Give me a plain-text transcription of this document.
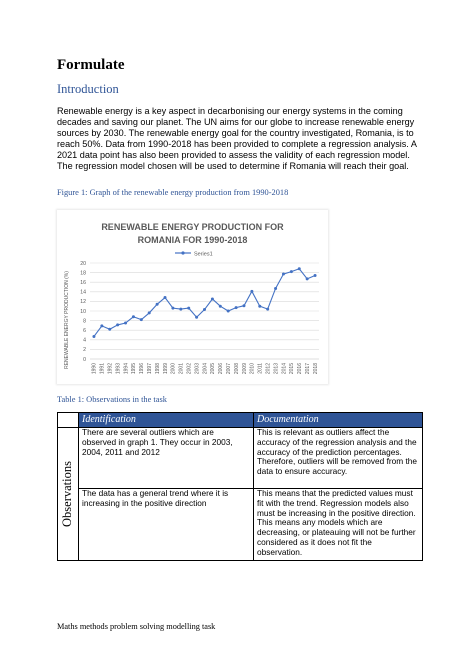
Formulate
Introduction

Renewable energy is a key aspect in decarbonising our energy systems in the coming decades and saving our planet. The UN aims for our globe to increase renewable energy sources by 2030. The renewable energy goal for the country investigated, Romania, is to reach 50%. Data from 1990-2018 has been provided to complete a regression analysis. A 2021 data point has also been provided to assess the validity of each regression model. The regression model chosen will be used to determine if Romania will reach their goal.

Figure 1: Graph of the renewable energy production from 1990-2018

RENEWABLE ENERGY PRODUCTION FOR
ROMANIA FOR 1990-2018
Series1
RENEWABLE ENERGY PRODUCTION (%)	0
2
4
6
8
10
12
14
16
18
20
1990 1991 1992 1993 1994 1995 1996 1997 1998 1999 2000 2001 2002 2003 2004 2005 2006 2007 2008 2009 2010 2011 2012 2013 2014 2015 2016 2017 2018

Table 1: Observations in the task

	Identification	Documentation

Observations	There are several outliers which are observed in graph 1. They occur in 2003, 2004, 2011 and 2012	This is relevant as outliers affect the accuracy of the regression analysis and the accuracy of the prediction percentages. Therefore, outliers will be removed from the data to ensure accuracy.
	The data has a general trend where it is increasing in the positive direction	This means that the predicted values must fit with the trend. Regression models also must be increasing in the positive direction. This means any models which are decreasing, or plateauing will not be further considered as it does not fit the observation.

Maths methods problem solving modelling task
